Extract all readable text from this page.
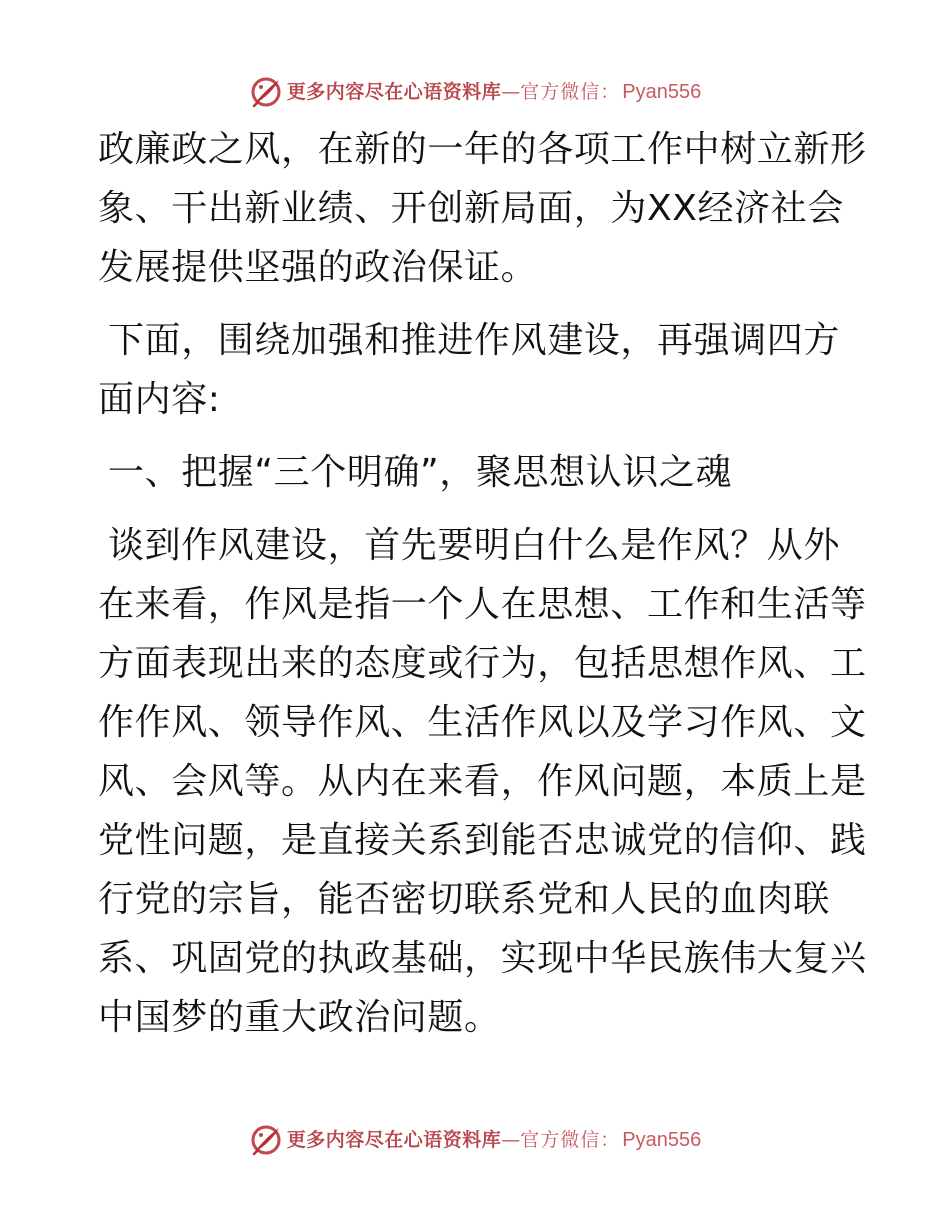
更多内容尽在心语资料库 — 官方微信： Pyan556

政廉政之风，在新的一年的各项工作中树立新形象、干出新业绩、开创新局面，为XX经济社会发展提供坚强的政治保证。

下面，围绕加强和推进作风建设，再强调四方面内容:

一、把握“三个明确”，聚思想认识之魂

谈到作风建设，首先要明白什么是作风？从外在来看，作风是指一个人在思想、工作和生活等方面表现出来的态度或行为，包括思想作风、工作作风、领导作风、生活作风以及学习作风、文风、会风等。从内在来看，作风问题，本质上是党性问题，是直接关系到能否忠诚党的信仰、践行党的宗旨，能否密切联系党和人民的血肉联系、巩固党的执政基础，实现中华民族伟大复兴中国梦的重大政治问题。

更多内容尽在心语资料库 — 官方微信： Pyan556
